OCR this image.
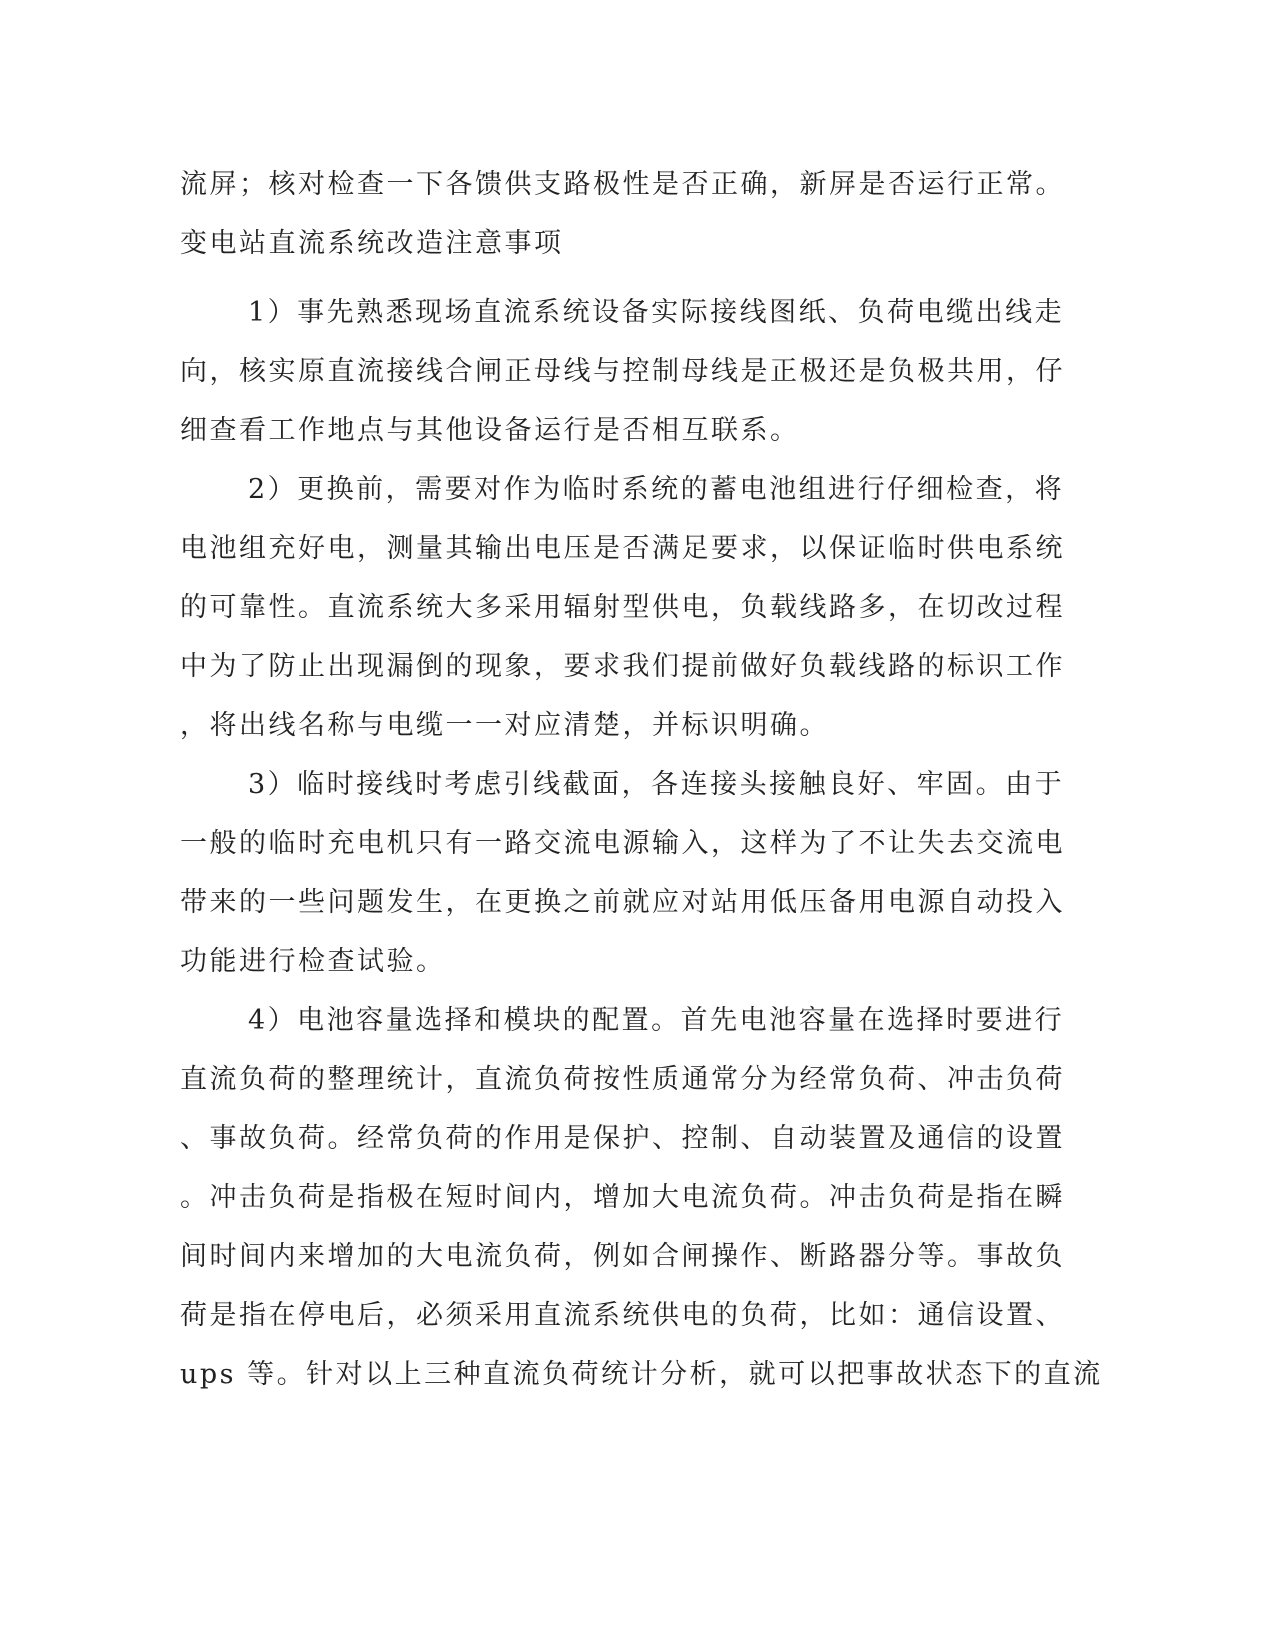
流屏；核对检查一下各馈供支路极性是否正确，新屏是否运行正常。
变电站直流系统改造注意事项
1）事先熟悉现场直流系统设备实际接线图纸、负荷电缆出线走
向，核实原直流接线合闸正母线与控制母线是正极还是负极共用，仔
细查看工作地点与其他设备运行是否相互联系。
2）更换前，需要对作为临时系统的蓄电池组进行仔细检查，将
电池组充好电，测量其输出电压是否满足要求，以保证临时供电系统
的可靠性。直流系统大多采用辐射型供电，负载线路多，在切改过程
中为了防止出现漏倒的现象，要求我们提前做好负载线路的标识工作
，将出线名称与电缆一一对应清楚，并标识明确。
3）临时接线时考虑引线截面，各连接头接触良好、牢固。由于
一般的临时充电机只有一路交流电源输入，这样为了不让失去交流电
带来的一些问题发生，在更换之前就应对站用低压备用电源自动投入
功能进行检查试验。
4）电池容量选择和模块的配置。首先电池容量在选择时要进行
直流负荷的整理统计，直流负荷按性质通常分为经常负荷、冲击负荷
、事故负荷。经常负荷的作用是保护、控制、自动装置及通信的设置
。冲击负荷是指极在短时间内，增加大电流负荷。冲击负荷是指在瞬
间时间内来增加的大电流负荷，例如合闸操作、断路器分等。事故负
荷是指在停电后，必须采用直流系统供电的负荷，比如：通信设置、
ups 等。针对以上三种直流负荷统计分析，就可以把事故状态下的直流
